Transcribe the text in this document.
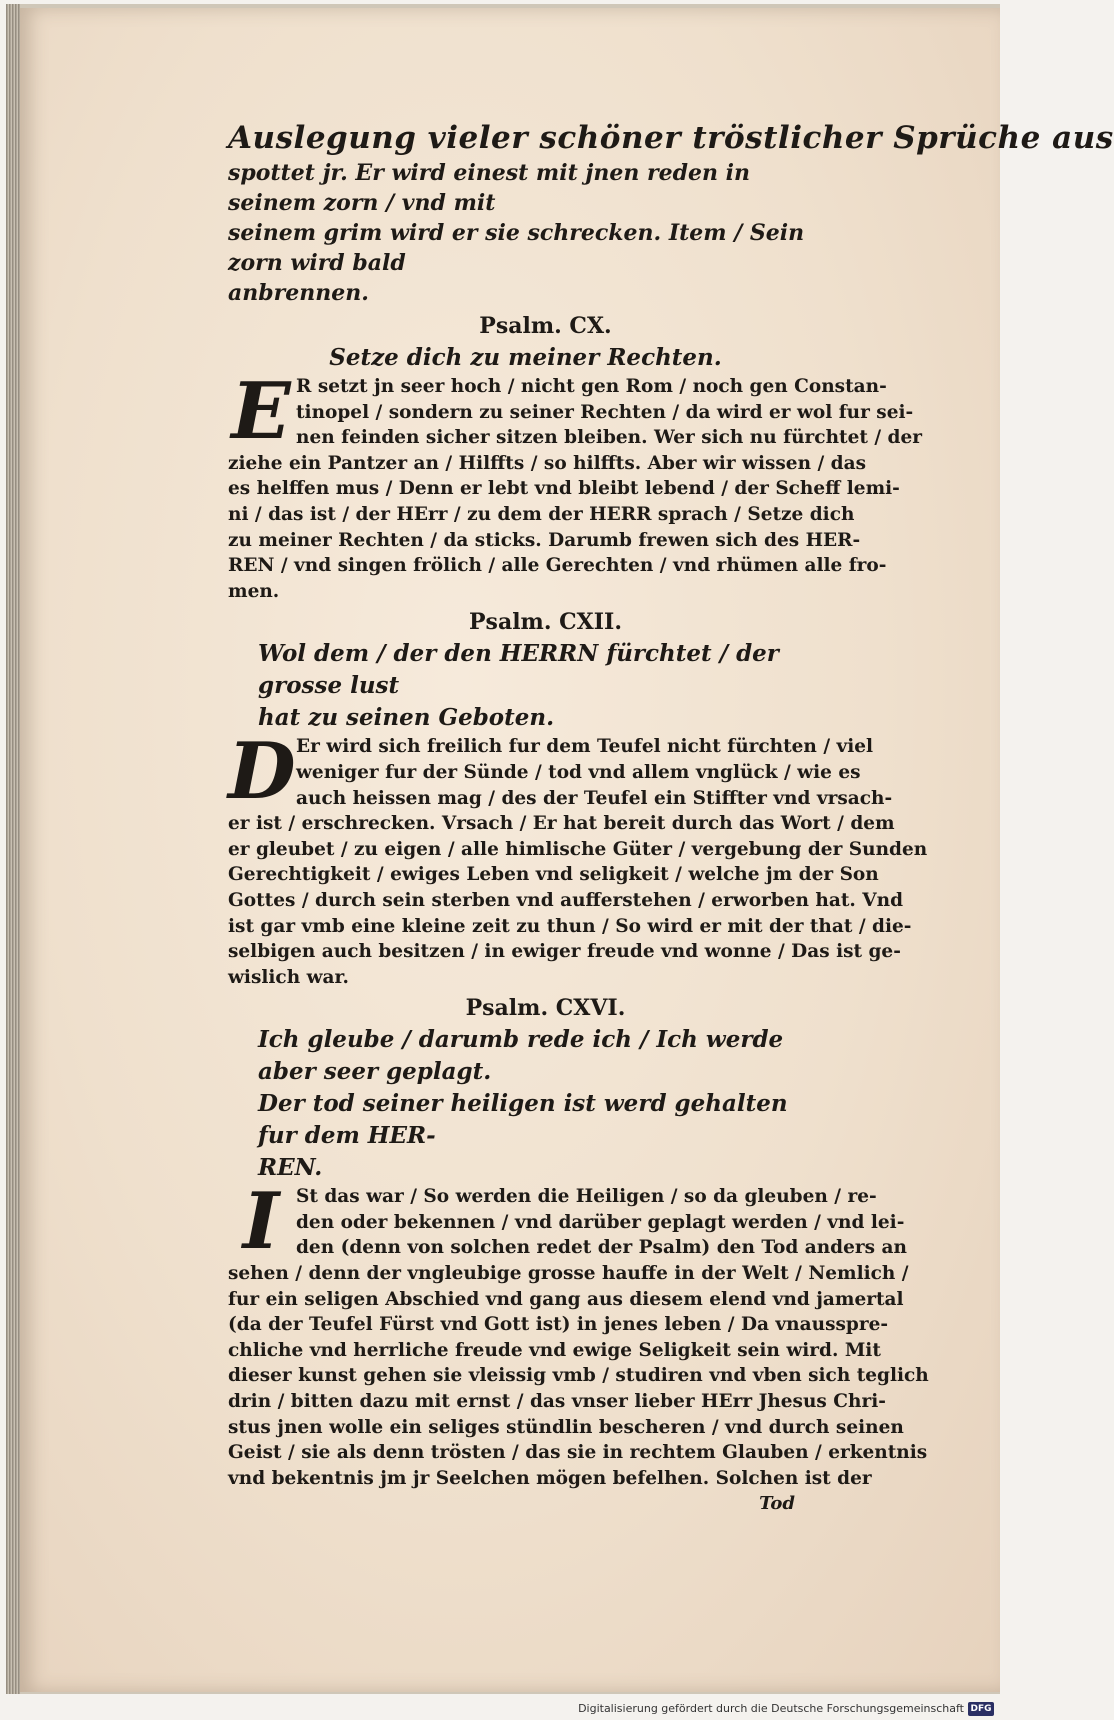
Auslegung vieler schöner tröstlicher Sprüche aus
spottet jr. Er wird einest mit jnen reden in seinem zorn / vnd mit
seinem grim wird er sie schrecken. Item / Sein zorn wird bald
anbrennen.
Psalm. CX.
Setze dich zu meiner Rechten.
E R setzt jn seer hoch / nicht gen Rom / noch gen Constan-
tinopel / sondern zu seiner Rechten / da wird er wol fur sei-
nen feinden sicher sitzen bleiben. Wer sich nu fürchtet / der
ziehe ein Pantzer an / Hilffts / so hilffts. Aber wir wissen / das
es helffen mus / Denn er lebt vnd bleibt lebend / der Scheff lemi-
ni / das ist / der HErr / zu dem der HERR sprach / Setze dich
zu meiner Rechten / da sticks. Darumb frewen sich des HER-
REN / vnd singen frölich / alle Gerechten / vnd rhümen alle fro-
men.
Psalm. CXII.
Wol dem / der den HERRN fürchtet / der grosse lust
hat zu seinen Geboten.
D Er wird sich freilich fur dem Teufel nicht fürchten / viel
weniger fur der Sünde / tod vnd allem vnglück / wie es
auch heissen mag / des der Teufel ein Stiffter vnd vrsach-
er ist / erschrecken. Vrsach / Er hat bereit durch das Wort / dem
er gleubet / zu eigen / alle himlische Güter / vergebung der Sunden
Gerechtigkeit / ewiges Leben vnd seligkeit / welche jm der Son
Gottes / durch sein sterben vnd aufferstehen / erworben hat. Vnd
ist gar vmb eine kleine zeit zu thun / So wird er mit der that / die-
selbigen auch besitzen / in ewiger freude vnd wonne / Das ist ge-
wislich war.
Psalm. CXVI.
Ich gleube / darumb rede ich / Ich werde aber seer geplagt.
Der tod seiner heiligen ist werd gehalten fur dem HER-
REN.
I St das war / So werden die Heiligen / so da gleuben / re-
den oder bekennen / vnd darüber geplagt werden / vnd lei-
den (denn von solchen redet der Psalm) den Tod anders an
sehen / denn der vngleubige grosse hauffe in der Welt / Nemlich /
fur ein seligen Abschied vnd gang aus diesem elend vnd jamertal
(da der Teufel Fürst vnd Gott ist) in jenes leben / Da vnausspre-
chliche vnd herrliche freude vnd ewige Seligkeit sein wird. Mit
dieser kunst gehen sie vleissig vmb / studiren vnd vben sich teglich
drin / bitten dazu mit ernst / das vnser lieber HErr Jhesus Chri-
stus jnen wolle ein seliges stündlin bescheren / vnd durch seinen
Geist / sie als denn trösten / das sie in rechtem Glauben / erkentnis
vnd bekentnis jm jr Seelchen mögen befelhen. Solchen ist der
Tod
Digitalisierung gefördert durch die Deutsche Forschungsgemeinschaft DFG
